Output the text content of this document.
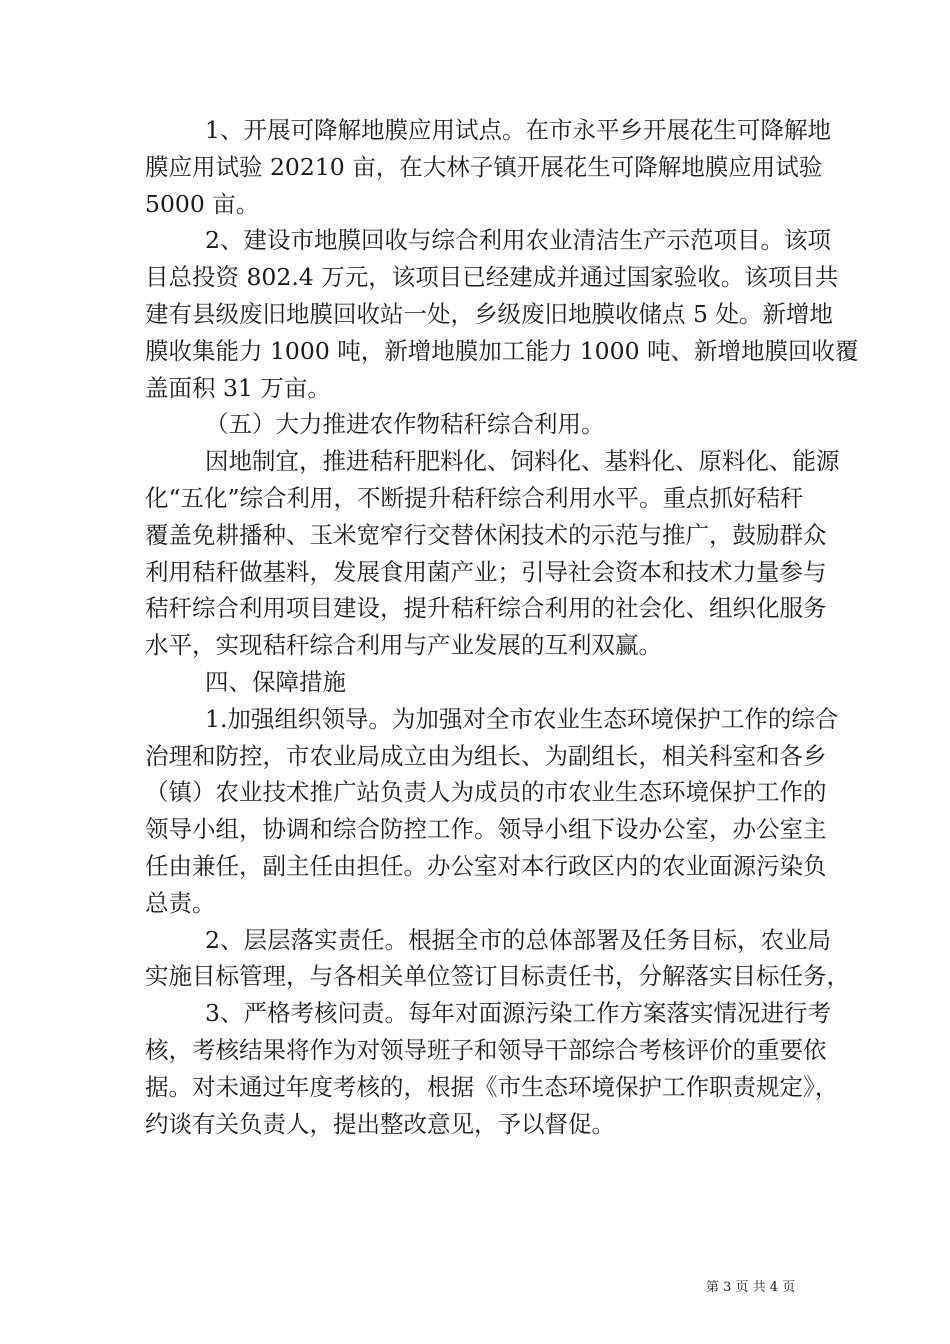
1、开展可降解地膜应用试点。在市永平乡开展花生可降解地
膜应用试验 20210 亩，在大林子镇开展花生可降解地膜应用试验
5000 亩。
2、建设市地膜回收与综合利用农业清洁生产示范项目。该项
目总投资 802.4 万元，该项目已经建成并通过国家验收。该项目共
建有县级废旧地膜回收站一处，乡级废旧地膜收储点 5 处。新增地
膜收集能力 1000 吨，新增地膜加工能力 1000 吨、新增地膜回收覆
盖面积 31 万亩。
（五）大力推进农作物秸秆综合利用。
因地制宜，推进秸秆肥料化、饲料化、基料化、原料化、能源
化“五化”综合利用，不断提升秸秆综合利用水平。重点抓好秸秆
覆盖免耕播种、玉米宽窄行交替休闲技术的示范与推广，鼓励群众
利用秸秆做基料，发展食用菌产业；引导社会资本和技术力量参与
秸秆综合利用项目建设，提升秸秆综合利用的社会化、组织化服务
水平，实现秸秆综合利用与产业发展的互利双赢。
四、保障措施
1.加强组织领导。为加强对全市农业生态环境保护工作的综合
治理和防控，市农业局成立由为组长、为副组长，相关科室和各乡
（镇）农业技术推广站负责人为成员的市农业生态环境保护工作的
领导小组，协调和综合防控工作。领导小组下设办公室，办公室主
任由兼任，副主任由担任。办公室对本行政区内的农业面源污染负
总责。
2、层层落实责任。根据全市的总体部署及任务目标，农业局
实施目标管理，与各相关单位签订目标责任书，分解落实目标任务，
3、严格考核问责。每年对面源污染工作方案落实情况进行考
核，考核结果将作为对领导班子和领导干部综合考核评价的重要依
据。对未通过年度考核的，根据《市生态环境保护工作职责规定》，
约谈有关负责人，提出整改意见，予以督促。
第 3 页 共 4 页
